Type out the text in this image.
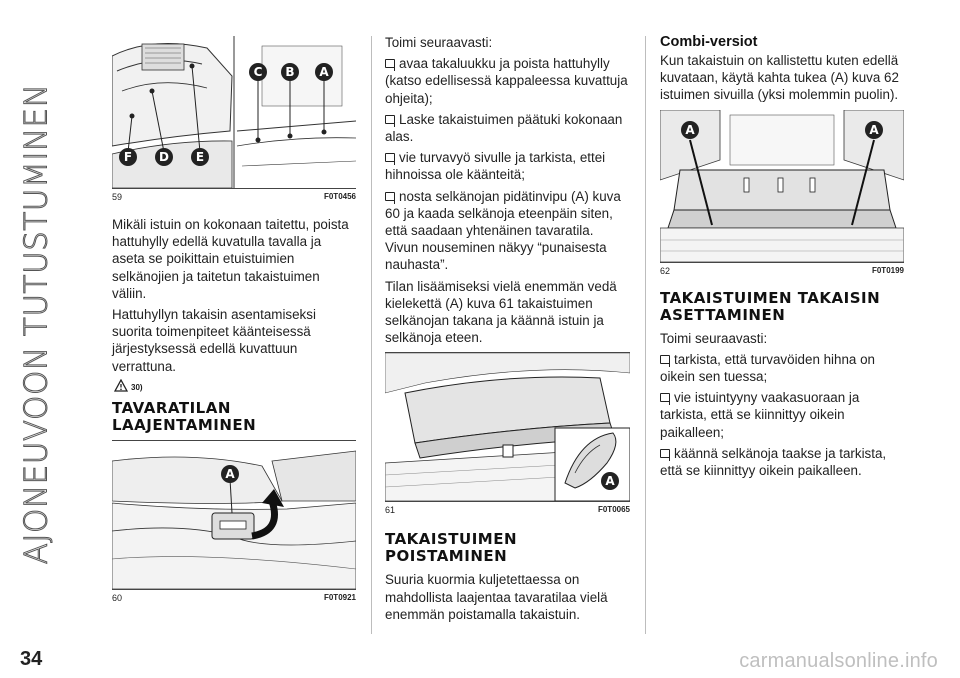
AJONEUVOON TUTUSTUMINEN
C B A
F D E
59	F0T0456

Mikäli istuin on kokonaan taitettu, poista hattuhylly edellä kuvatulla tavalla ja aseta se poikittain etuistuimien selkänojien ja taitetun takaistuimen väliin.

Hattuhyllyn takaisin asentamiseksi suorita toimenpiteet käänteisessä järjestyksessä edellä kuvattuun verrattuna.

30)
TAVARATILAN LAAJENTAMINEN
A
60	F0T0921

Toimi seuraavasti:

avaa takaluukku ja poista hattuhylly (katso edellisessä kappaleessa kuvattuja ohjeita);

Laske takaistuimen päätuki kokonaan alas.

vie turvavyö sivulle ja tarkista, ettei hihnoissa ole käänteitä;

nosta selkänojan pidätinvipu (A) kuva 60 ja kaada selkänoja eteenpäin siten, että saadaan yhtenäinen tavaratila. Vivun nouseminen näkyy “punaisesta nauhasta”.

Tilan lisäämiseksi vielä enemmän vedä kielekettä (A) kuva 61 takaistuimen selkänojan takana ja käännä istuin ja selkänoja eteen.

A
61	F0T0065
TAKAISTUIMEN POISTAMINEN

Suuria kuormia kuljetettaessa on mahdollista laajentaa tavaratilaa vielä enemmän poistamalla takaistuin.

Combi-versiot

Kun takaistuin on kallistettu kuten edellä kuvataan, käytä kahta tukea (A) kuva 62 istuimen sivuilla (yksi molemmin puolin).

A	A
62	F0T0199
TAKAISTUIMEN TAKAISIN ASETTAMINEN

Toimi seuraavasti:

tarkista, että turvavöiden hihna on oikein sen tuessa;

vie istuintyyny vaakasuoraan ja tarkista, että se kiinnittyy oikein paikalleen;

käännä selkänoja taakse ja tarkista, että se kiinnittyy oikein paikalleen.

34	carmanualsonline.info
